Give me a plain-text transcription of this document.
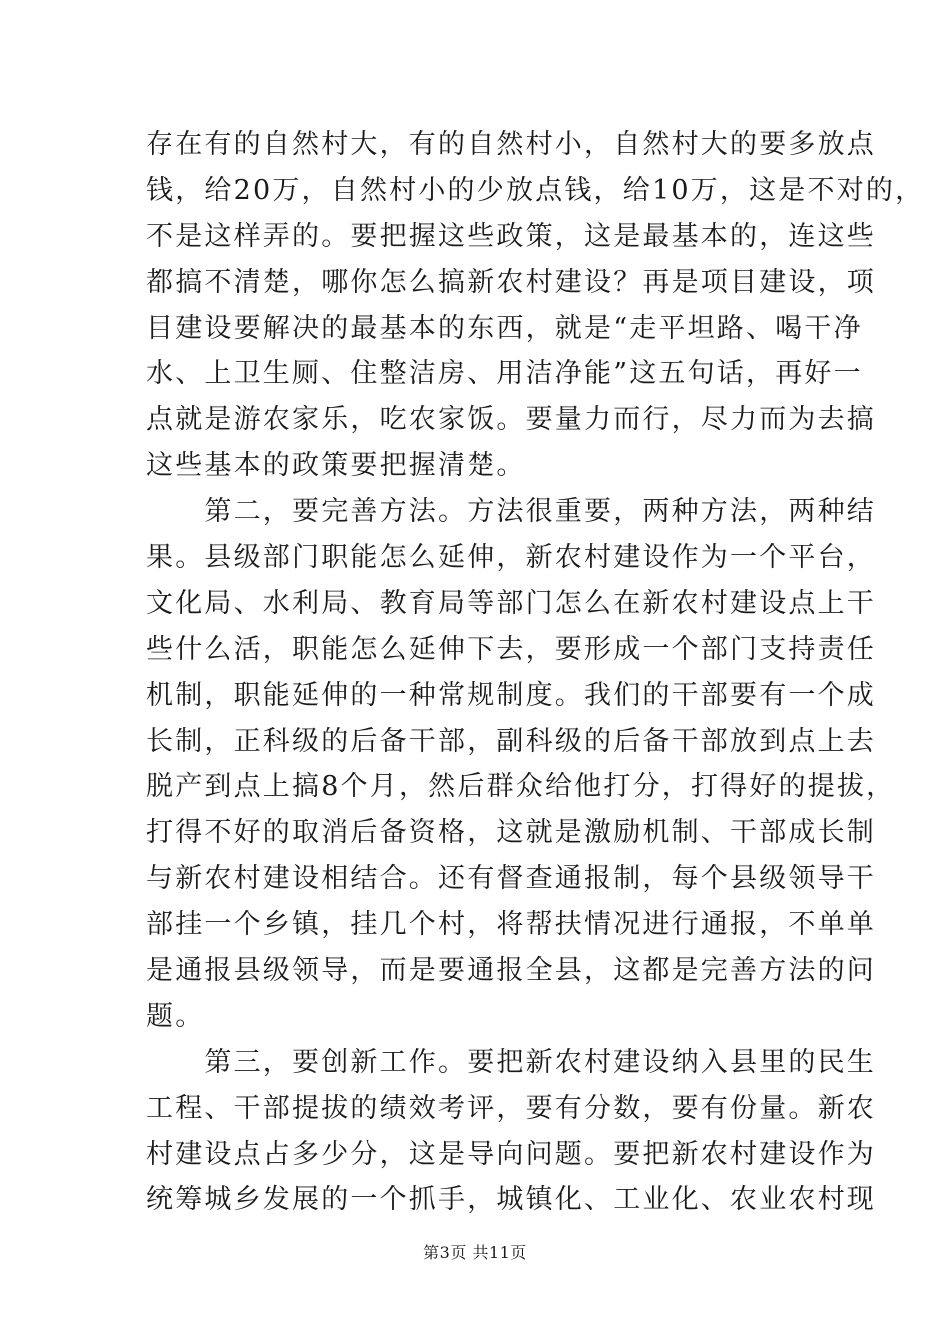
存在有的自然村大，有的自然村小，自然村大的要多放点
钱，给20万，自然村小的少放点钱，给10万，这是不对的，
不是这样弄的。要把握这些政策，这是最基本的，连这些
都搞不清楚，哪你怎么搞新农村建设？再是项目建设，项
目建设要解决的最基本的东西，就是“走平坦路、喝干净
水、上卫生厕、住整洁房、用洁净能”这五句话，再好一
点就是游农家乐，吃农家饭。要量力而行，尽力而为去搞
这些基本的政策要把握清楚。
　　第二，要完善方法。方法很重要，两种方法，两种结
果。县级部门职能怎么延伸，新农村建设作为一个平台，
文化局、水利局、教育局等部门怎么在新农村建设点上干
些什么活，职能怎么延伸下去，要形成一个部门支持责任
机制，职能延伸的一种常规制度。我们的干部要有一个成
长制，正科级的后备干部，副科级的后备干部放到点上去
脱产到点上搞8个月，然后群众给他打分，打得好的提拔，
打得不好的取消后备资格，这就是激励机制、干部成长制
与新农村建设相结合。还有督查通报制，每个县级领导干
部挂一个乡镇，挂几个村，将帮扶情况进行通报，不单单
是通报县级领导，而是要通报全县，这都是完善方法的问
题。
　　第三，要创新工作。要把新农村建设纳入县里的民生
工程、干部提拔的绩效考评，要有分数，要有份量。新农
村建设点占多少分，这是导向问题。要把新农村建设作为
统筹城乡发展的一个抓手，城镇化、工业化、农业农村现
第3页 共11页
